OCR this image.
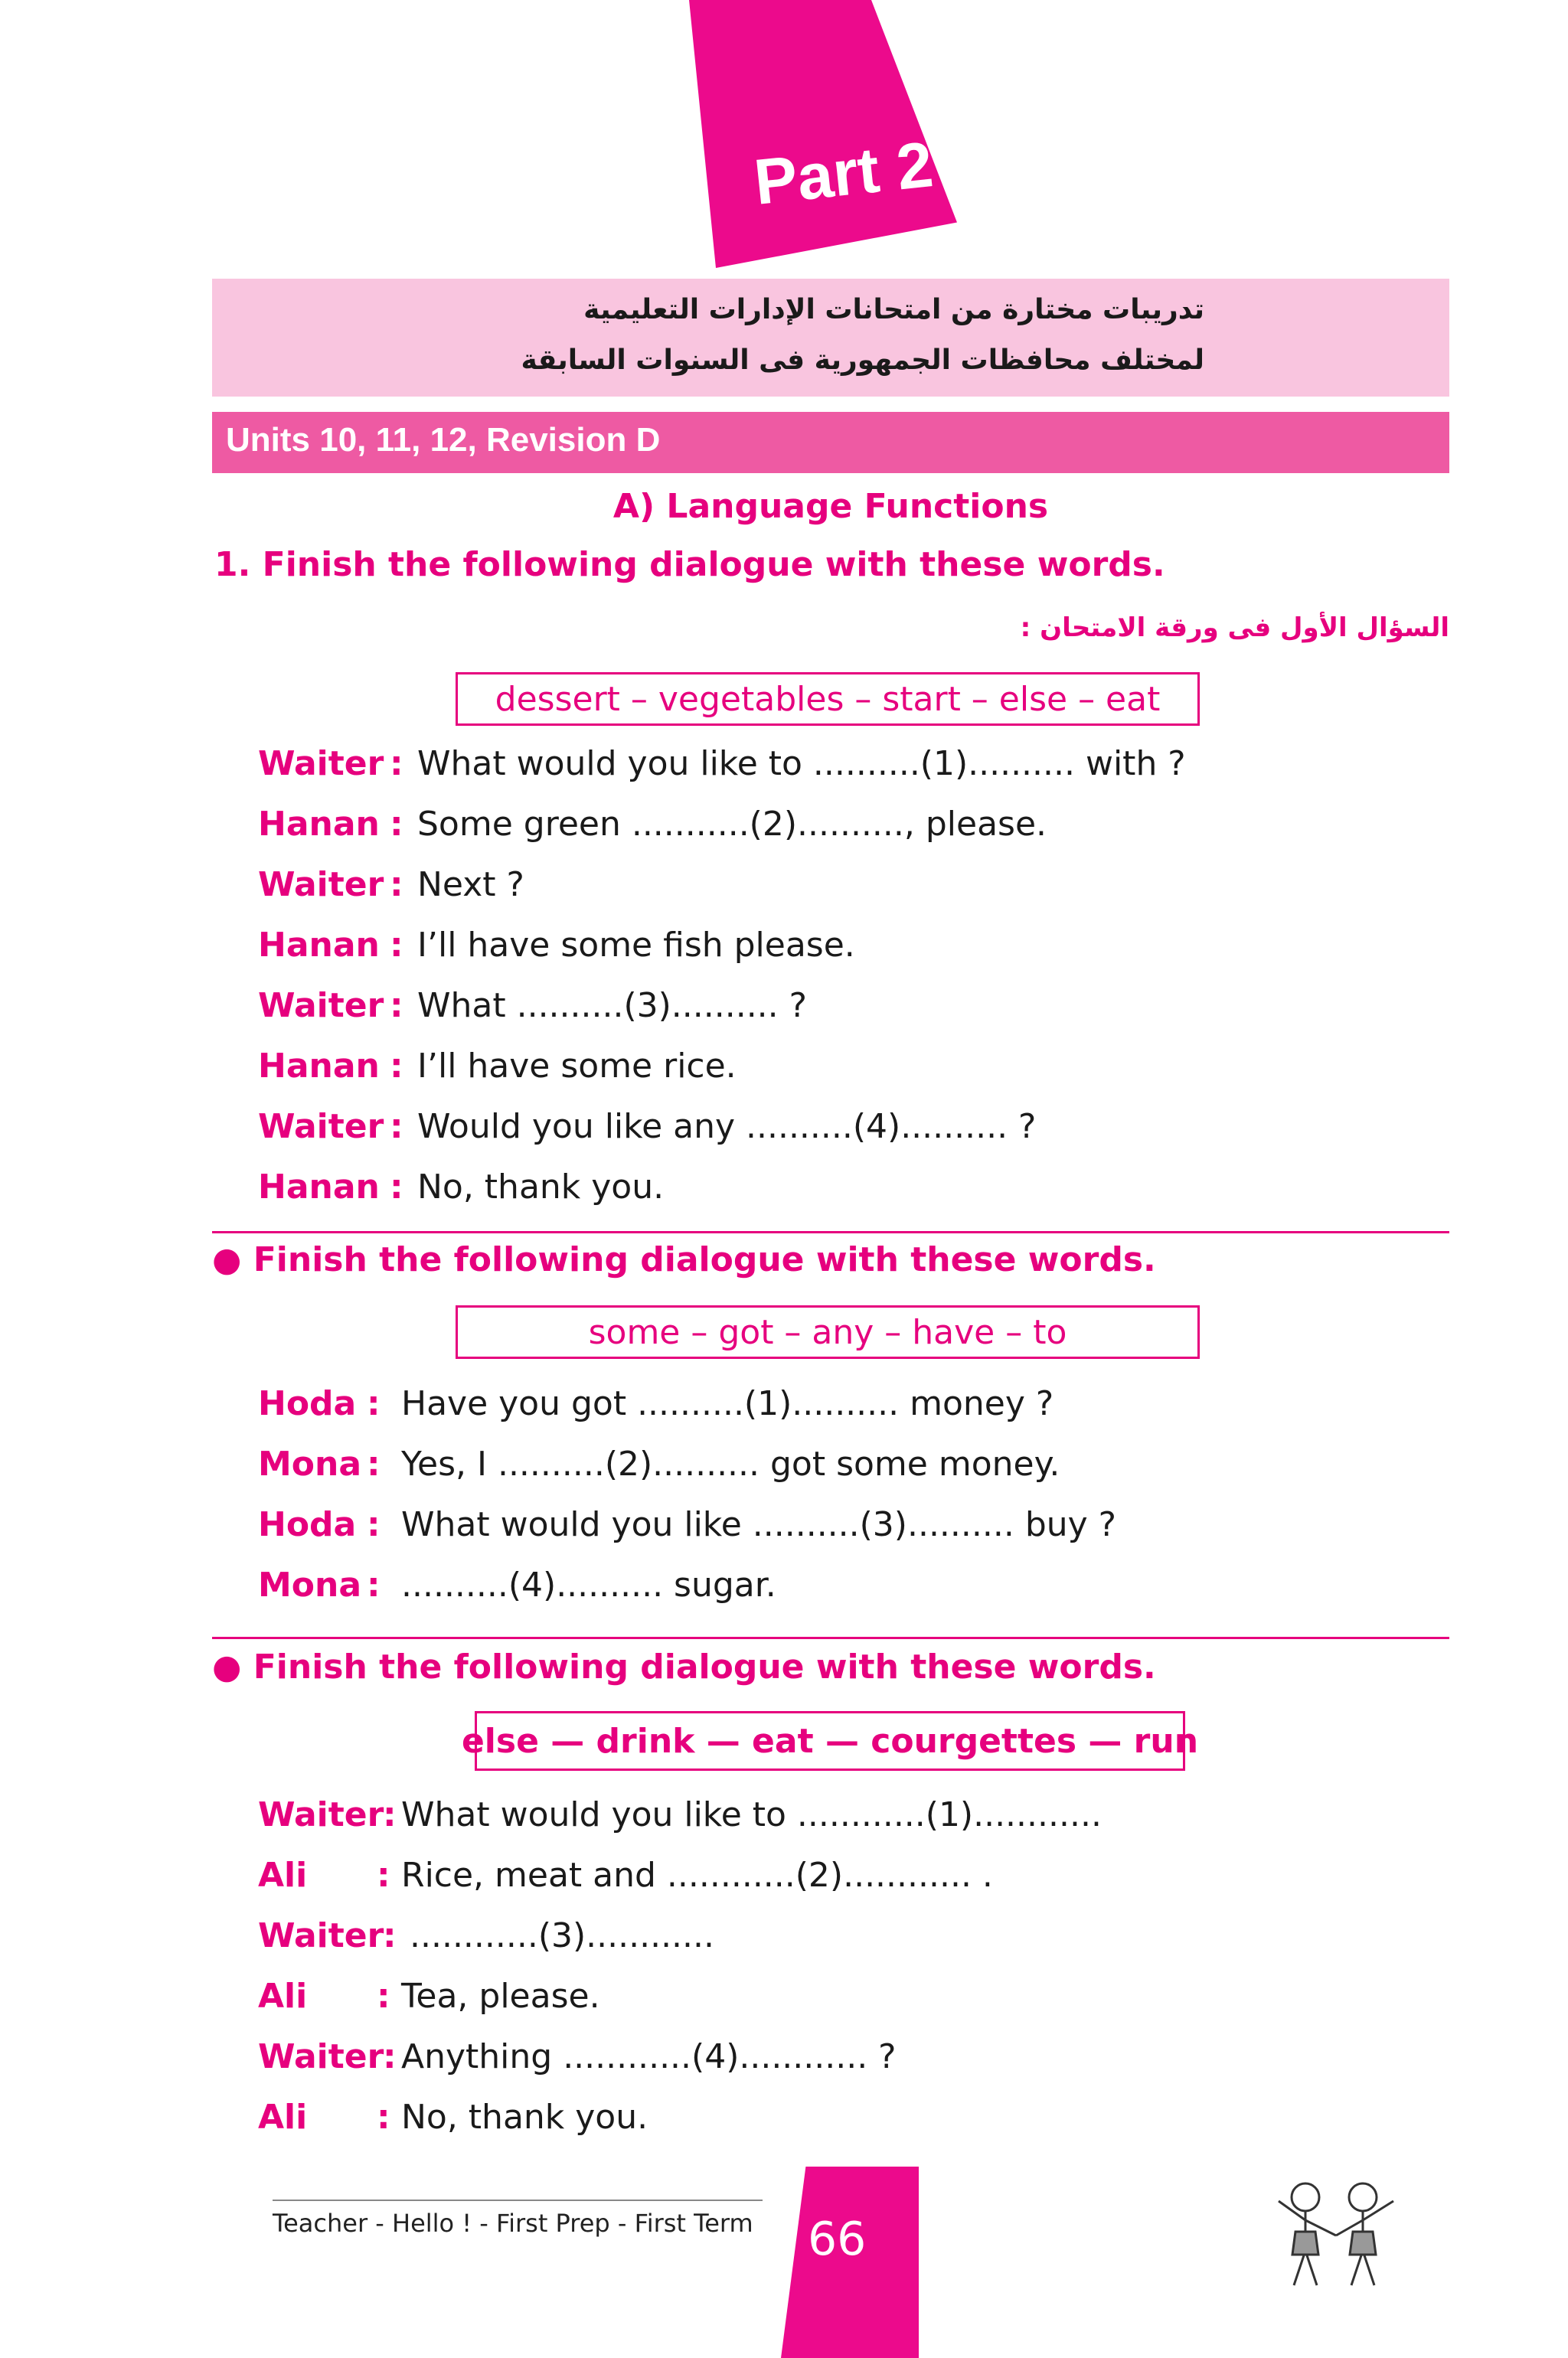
Part 2
تدريبات مختارة من امتحانات الإدارات التعليمية
لمختلف محافظات الجمهورية فى السنوات السابقة
Units 10, 11, 12, Revision D
A) Language Functions
1. Finish the following dialogue with these words.
السؤال الأول فى ورقة الامتحان :
dessert – vegetables – start – else – eat
Waiter : What would you like to ..........(1).......... with ?
Hanan : Some green ...........(2).........., please.
Waiter : Next ?
Hanan : I’ll have some fish please.
Waiter : What ..........(3).......... ?
Hanan : I’ll have some rice.
Waiter : Would you like any ..........(4).......... ?
Hanan : No, thank you.
● Finish the following dialogue with these words.
some – got – any – have – to
Hoda : Have you got ..........(1).......... money ?
Mona : Yes, I ..........(2).......... got some money.
Hoda : What would you like ..........(3).......... buy ?
Mona : ..........(4).......... sugar.
● Finish the following dialogue with these words.
else — drink — eat — courgettes — run
Waiter
: What would you like to ............(1)............
Ali : Rice, meat and ............(2)............ .
Waiter
: ............(3)............
Ali : Tea, please.
Waiter
: Anything ............(4)............ ?
Ali : No, thank you.
Teacher - Hello ! - First Prep - First Term 66
